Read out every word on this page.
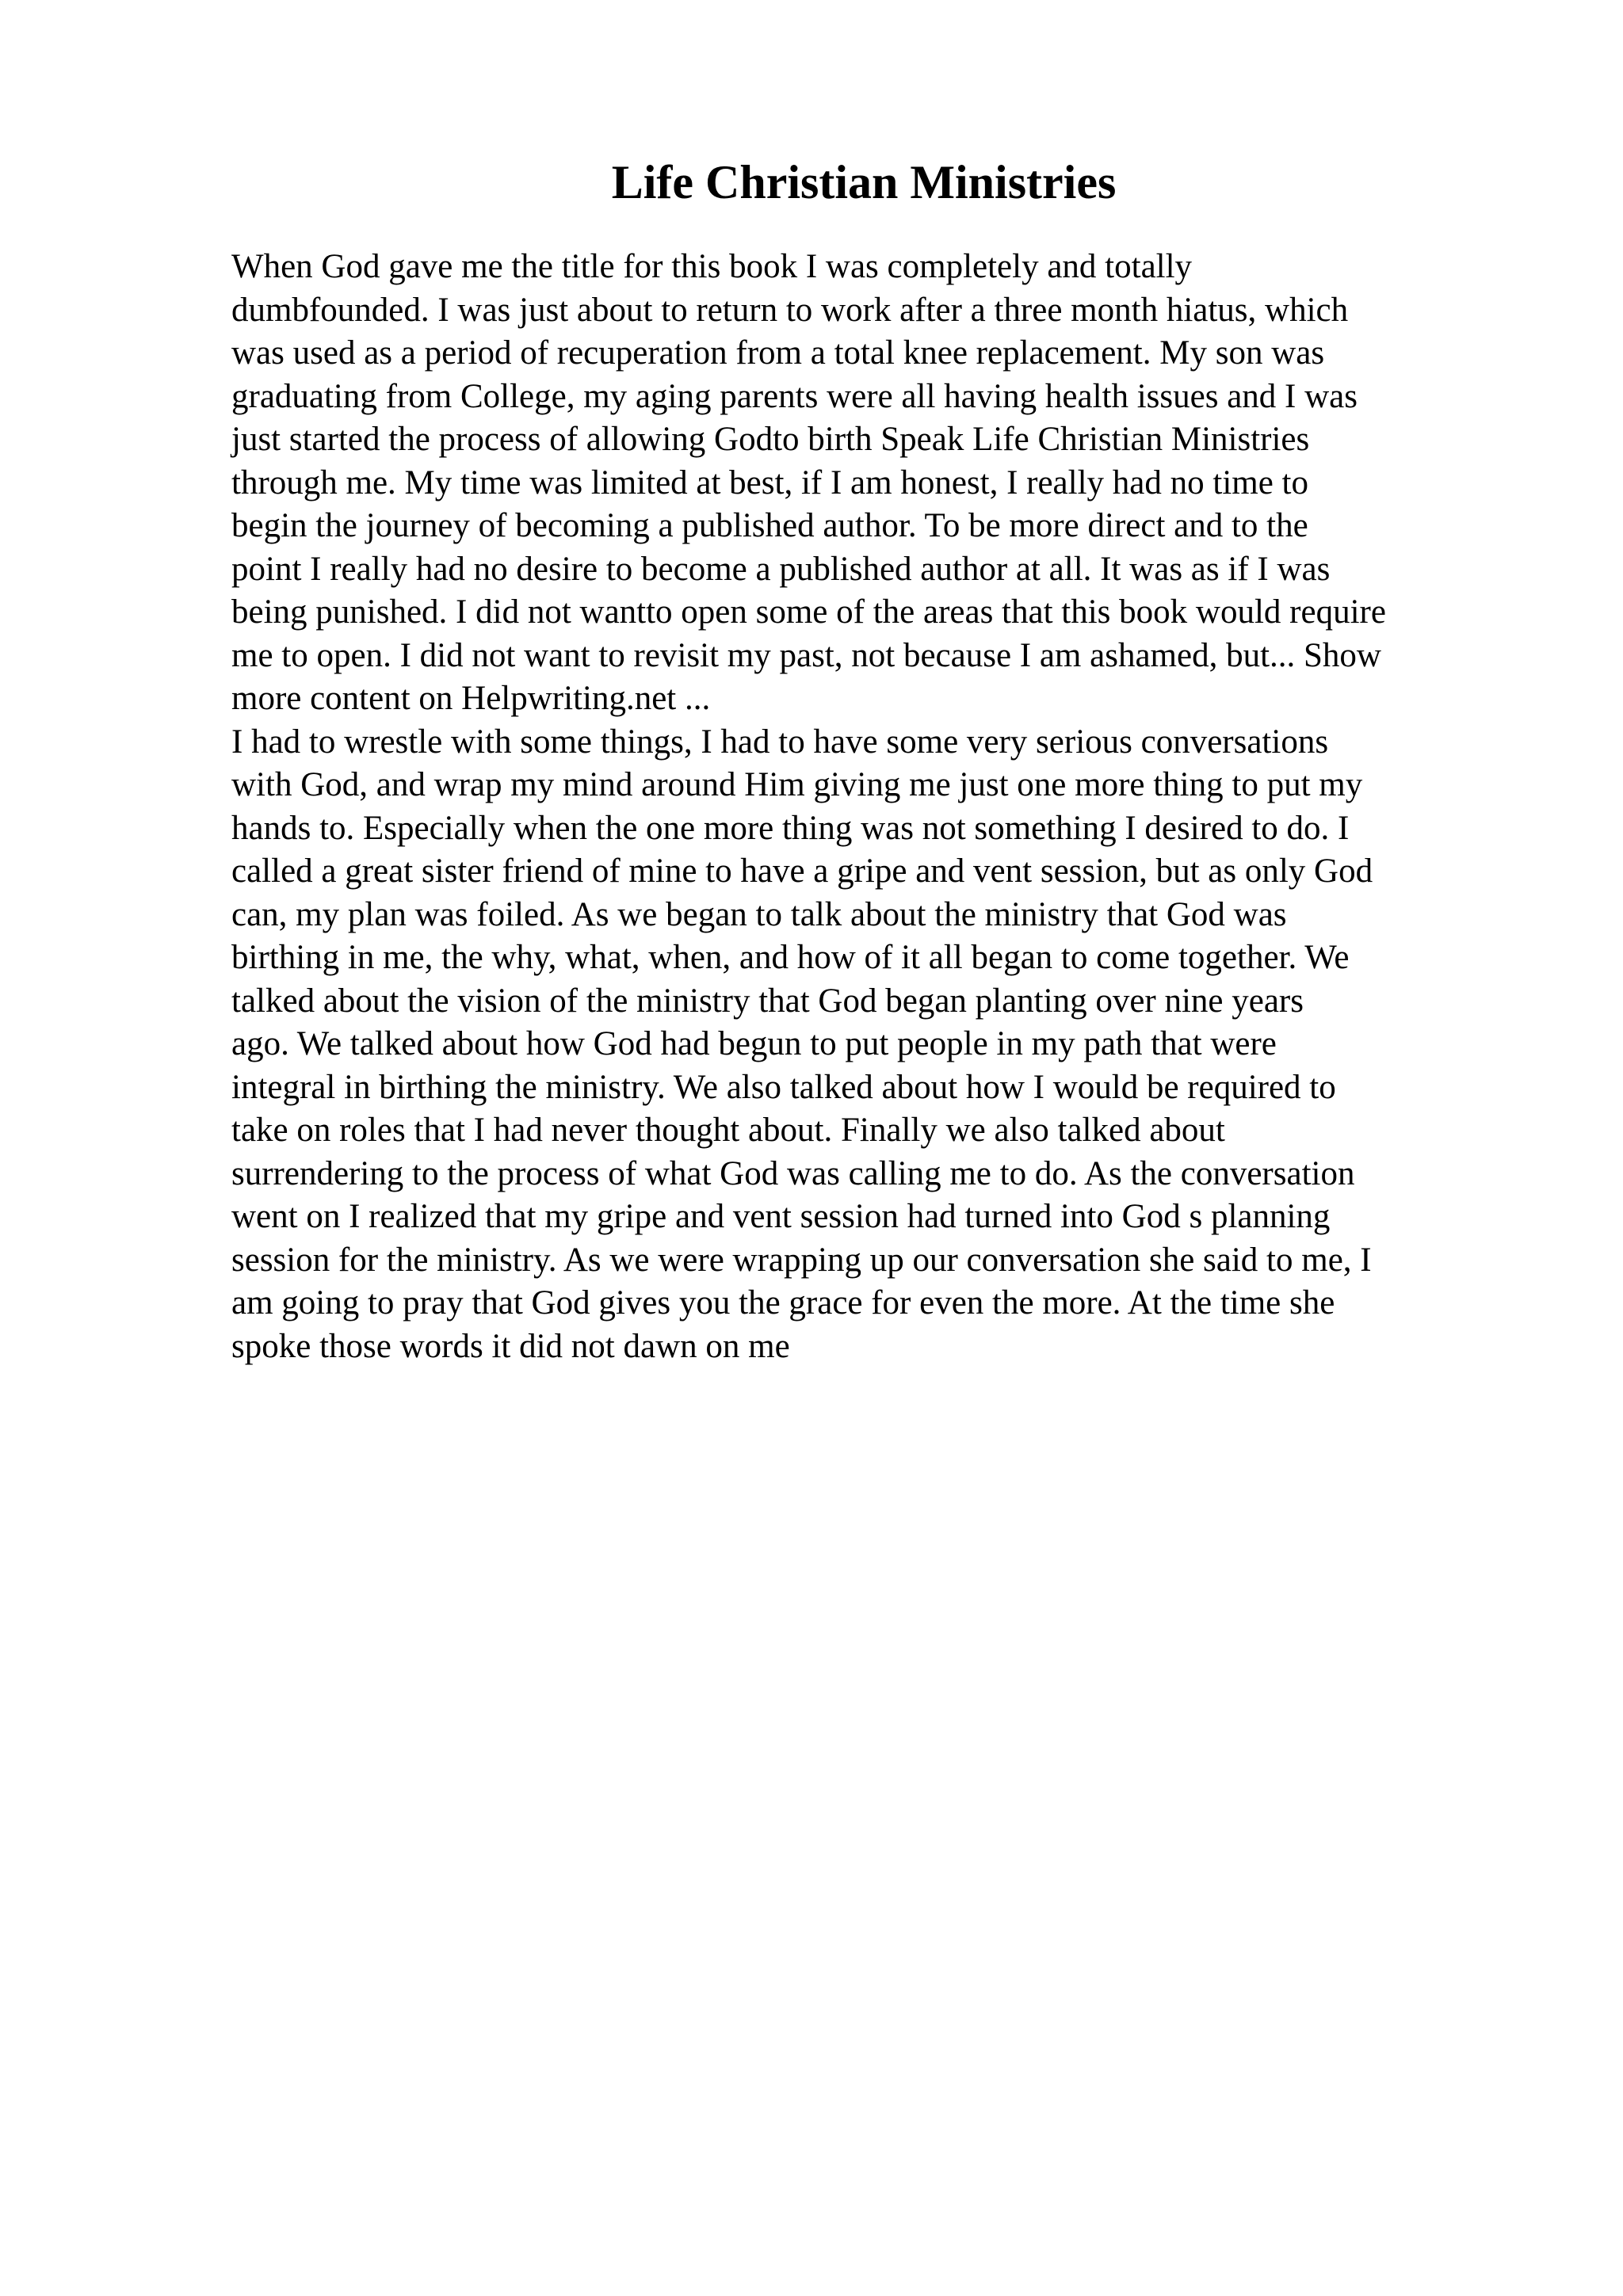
Life Christian Ministries
When God gave me the title for this book I was completely and totally
dumbfounded. I was just about to return to work after a three month hiatus, which
was used as a period of recuperation from a total knee replacement. My son was
graduating from College, my aging parents were all having health issues and I was
just started the process of allowing Godto birth Speak Life Christian Ministries
through me. My time was limited at best, if I am honest, I really had no time to
begin the journey of becoming a published author. To be more direct and to the
point I really had no desire to become a published author at all. It was as if I was
being punished. I did not wantto open some of the areas that this book would require
me to open. I did not want to revisit my past, not because I am ashamed, but... Show
more content on Helpwriting.net ...
I had to wrestle with some things, I had to have some very serious conversations
with God, and wrap my mind around Him giving me just one more thing to put my
hands to. Especially when the one more thing was not something I desired to do. I
called a great sister friend of mine to have a gripe and vent session, but as only God
can, my plan was foiled. As we began to talk about the ministry that God was
birthing in me, the why, what, when, and how of it all began to come together. We
talked about the vision of the ministry that God began planting over nine years
ago. We talked about how God had begun to put people in my path that were
integral in birthing the ministry. We also talked about how I would be required to
take on roles that I had never thought about. Finally we also talked about
surrendering to the process of what God was calling me to do. As the conversation
went on I realized that my gripe and vent session had turned into God s planning
session for the ministry. As we were wrapping up our conversation she said to me, I
am going to pray that God gives you the grace for even the more. At the time she
spoke those words it did not dawn on me
